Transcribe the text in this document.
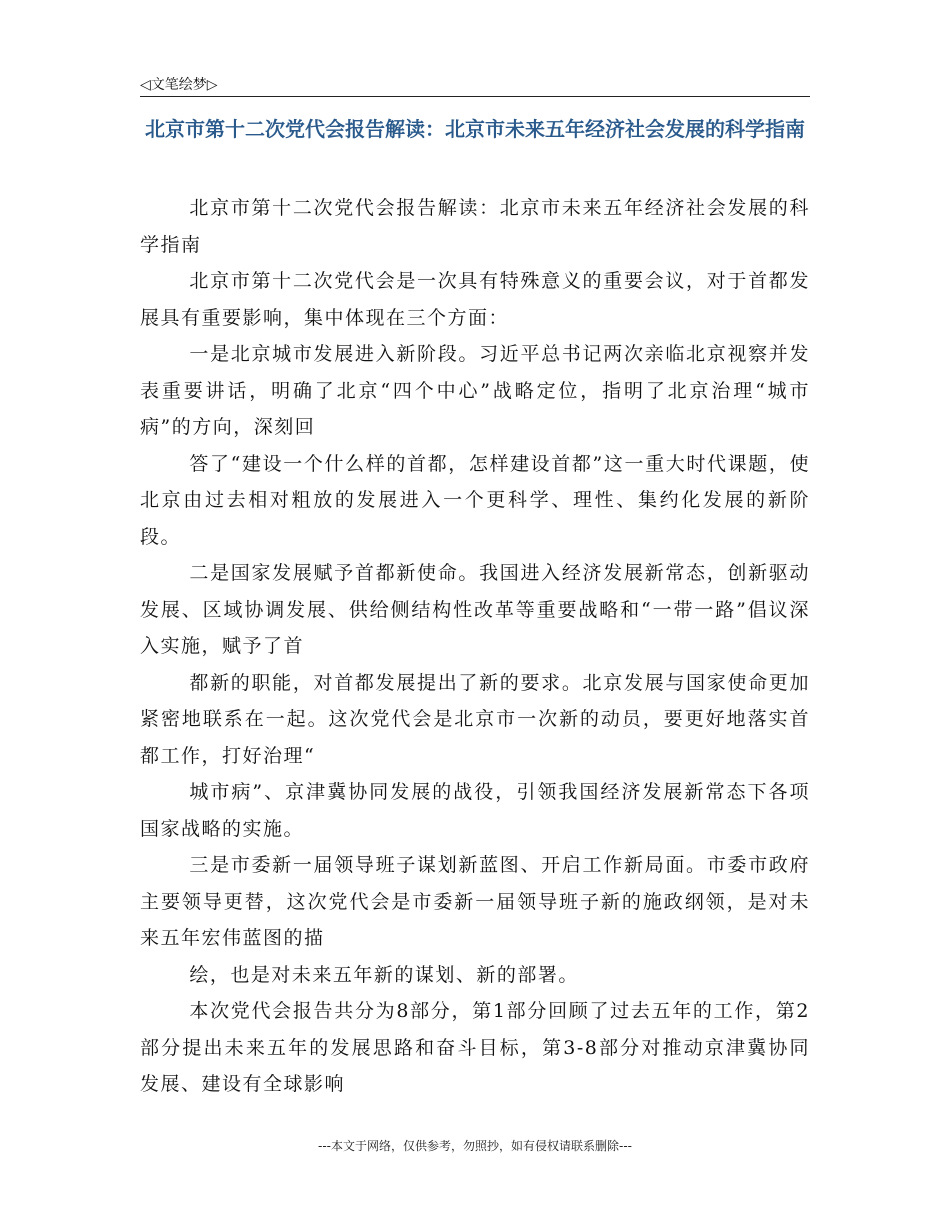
◁文笔绘梦▷
北京市第十二次党代会报告解读：北京市未来五年经济社会发展的科学指南

北京市第十二次党代会报告解读：北京市未来五年经济社会发展的科学指南

北京市第十二次党代会是一次具有特殊意义的重要会议，对于首都发展具有重要影响，集中体现在三个方面：

一是北京城市发展进入新阶段。习近平总书记两次亲临北京视察并发表重要讲话，明确了北京“四个中心”战略定位，指明了北京治理“城市病”的方向，深刻回

答了“建设一个什么样的首都，怎样建设首都”这一重大时代课题，使北京由过去相对粗放的发展进入一个更科学、理性、集约化发展的新阶段。

二是国家发展赋予首都新使命。我国进入经济发展新常态，创新驱动发展、区域协调发展、供给侧结构性改革等重要战略和“一带一路”倡议深入实施，赋予了首

都新的职能，对首都发展提出了新的要求。北京发展与国家使命更加紧密地联系在一起。这次党代会是北京市一次新的动员，要更好地落实首都工作，打好治理“

城市病”、京津冀协同发展的战役，引领我国经济发展新常态下各项国家战略的实施。

三是市委新一届领导班子谋划新蓝图、开启工作新局面。市委市政府主要领导更替，这次党代会是市委新一届领导班子新的施政纲领，是对未来五年宏伟蓝图的描

绘，也是对未来五年新的谋划、新的部署。

本次党代会报告共分为8部分，第1部分回顾了过去五年的工作，第2部分提出未来五年的发展思路和奋斗目标，第3-8部分对推动京津冀协同发展、建设有全球影响

---本文于网络，仅供参考，勿照抄，如有侵权请联系删除---
